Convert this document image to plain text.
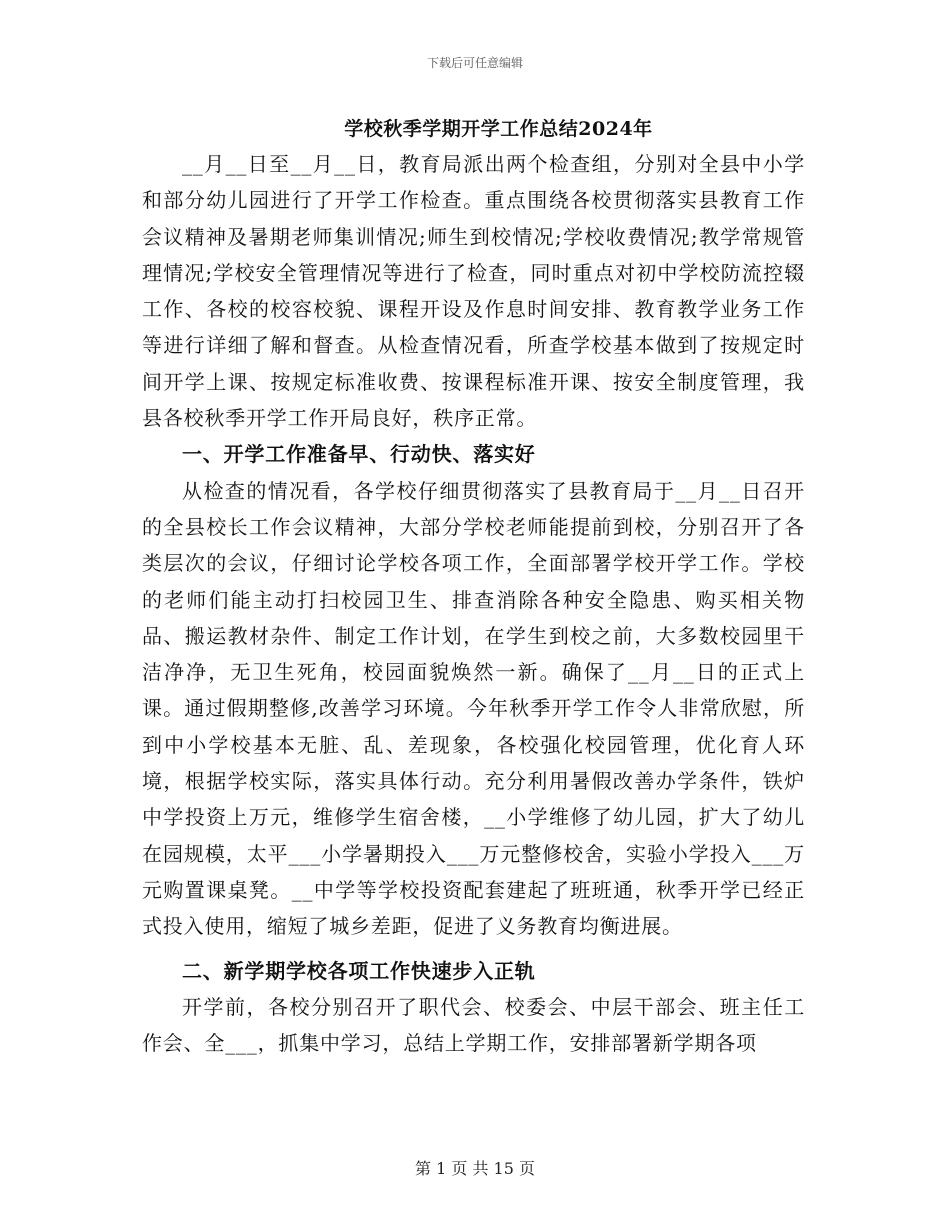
下载后可任意编辑
学校秋季学期开学工作总结2024年

__月__日至__月__日，教育局派出两个检查组，分别对全县中小学和部分幼儿园进行了开学工作检查。重点围绕各校贯彻落实县教育工作会议精神及暑期老师集训情况;师生到校情况;学校收费情况;教学常规管理情况;学校安全管理情况等进行了检查，同时重点对初中学校防流控辍工作、各校的校容校貌、课程开设及作息时间安排、教育教学业务工作等进行详细了解和督查。从检查情况看，所查学校基本做到了按规定时间开学上课、按规定标准收费、按课程标准开课、按安全制度管理，我县各校秋季开学工作开局良好，秩序正常。

一、开学工作准备早、行动快、落实好

从检查的情况看，各学校仔细贯彻落实了县教育局于__月__日召开的全县校长工作会议精神，大部分学校老师能提前到校，分别召开了各类层次的会议，仔细讨论学校各项工作，全面部署学校开学工作。学校的老师们能主动打扫校园卫生、排查消除各种安全隐患、购买相关物品、搬运教材杂件、制定工作计划，在学生到校之前，大多数校园里干洁净净，无卫生死角，校园面貌焕然一新。确保了__月__日的正式上课。通过假期整修,改善学习环境。今年秋季开学工作令人非常欣慰，所到中小学校基本无脏、乱、差现象，各校强化校园管理，优化育人环境，根据学校实际，落实具体行动。充分利用暑假改善办学条件，铁炉中学投资上万元，维修学生宿舍楼，__小学维修了幼儿园，扩大了幼儿在园规模，太平___小学暑期投入___万元整修校舍，实验小学投入___万元购置课桌凳。__中学等学校投资配套建起了班班通，秋季开学已经正式投入使用，缩短了城乡差距，促进了义务教育均衡进展。

二、新学期学校各项工作快速步入正轨

开学前，各校分别召开了职代会、校委会、中层干部会、班主任工作会、全___，抓集中学习，总结上学期工作，安排部署新学期各项

第 1 页 共 15 页
